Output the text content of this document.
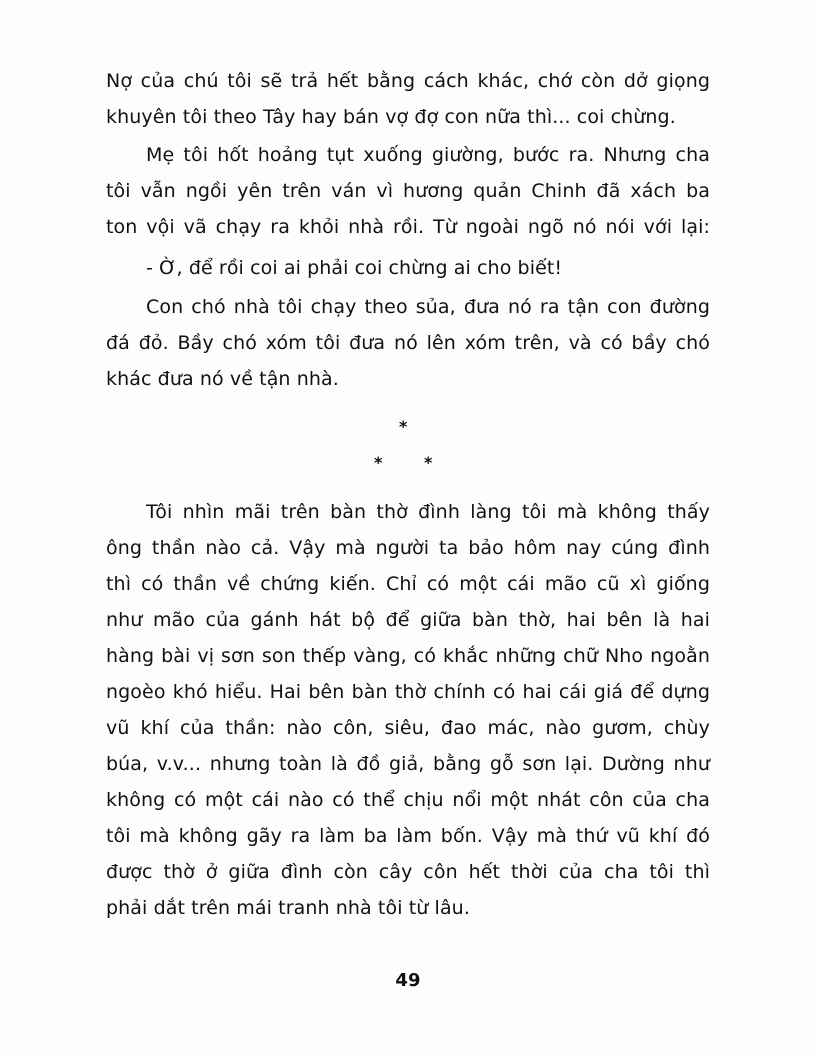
Nợ của chú tôi sẽ trả hết bằng cách khác, chớ còn dở giọng
khuyên tôi theo Tây hay bán vợ đợ con nữa thì... coi chừng.
Mẹ tôi hốt hoảng tụt xuống giường, bước ra. Nhưng cha
tôi vẫn ngồi yên trên ván vì hương quản Chinh đã xách ba
ton vội vã chạy ra khỏi nhà rồi. Từ ngoài ngõ nó nói với lại:
- Ờ, để rồi coi ai phải coi chừng ai cho biết!
Con chó nhà tôi chạy theo sủa, đưa nó ra tận con đường
đá đỏ. Bầy chó xóm tôi đưa nó lên xóm trên, và có bầy chó
khác đưa nó về tận nhà.
*
*	*
Tôi nhìn mãi trên bàn thờ đình làng tôi mà không thấy
ông thần nào cả. Vậy mà người ta bảo hôm nay cúng đình
thì có thần về chứng kiến. Chỉ có một cái mão cũ xì giống
như mão của gánh hát bộ để giữa bàn thờ, hai bên là hai
hàng bài vị sơn son thếp vàng, có khắc những chữ Nho ngoằn
ngoèo khó hiểu. Hai bên bàn thờ chính có hai cái giá để dựng
vũ khí của thần: nào côn, siêu, đao mác, nào gươm, chùy
búa, v.v... nhưng toàn là đồ giả, bằng gỗ sơn lại. Dường như
không có một cái nào có thể chịu nổi một nhát côn của cha
tôi mà không gãy ra làm ba làm bốn. Vậy mà thứ vũ khí đó
được thờ ở giữa đình còn cây côn hết thời của cha tôi thì
phải dắt trên mái tranh nhà tôi từ lâu.
49
